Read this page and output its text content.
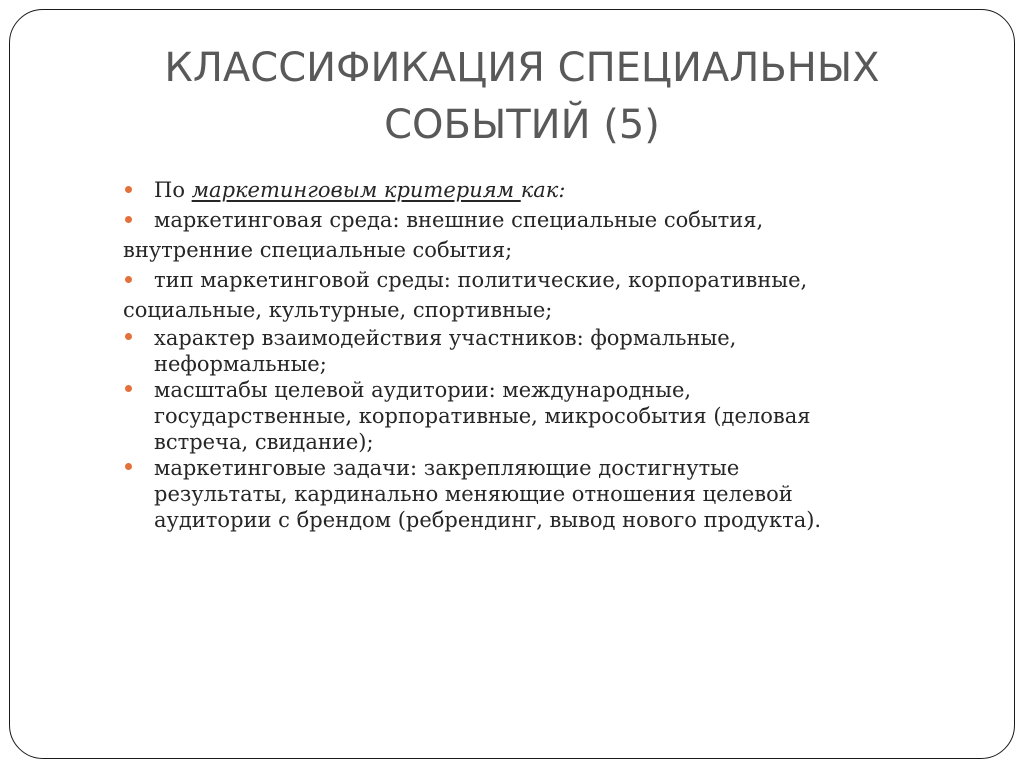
КЛАССИФИКАЦИЯ СПЕЦИАЛЬНЫХ
СОБЫТИЙ (5)

По маркетинговым критериям как:

маркетинговая среда: внешние специальные события,

внутренние специальные события;

тип маркетинговой среды: политические, корпоративные,

социальные, культурные, спортивные;

характер взаимодействия участников: формальные,
неформальные;

масштабы целевой аудитории: международные,
государственные, корпоративные, микрособытия (деловая
встреча, свидание);

маркетинговые задачи: закрепляющие достигнутые
результаты, кардинально меняющие отношения целевой
аудитории с брендом (ребрендинг, вывод нового продукта).
